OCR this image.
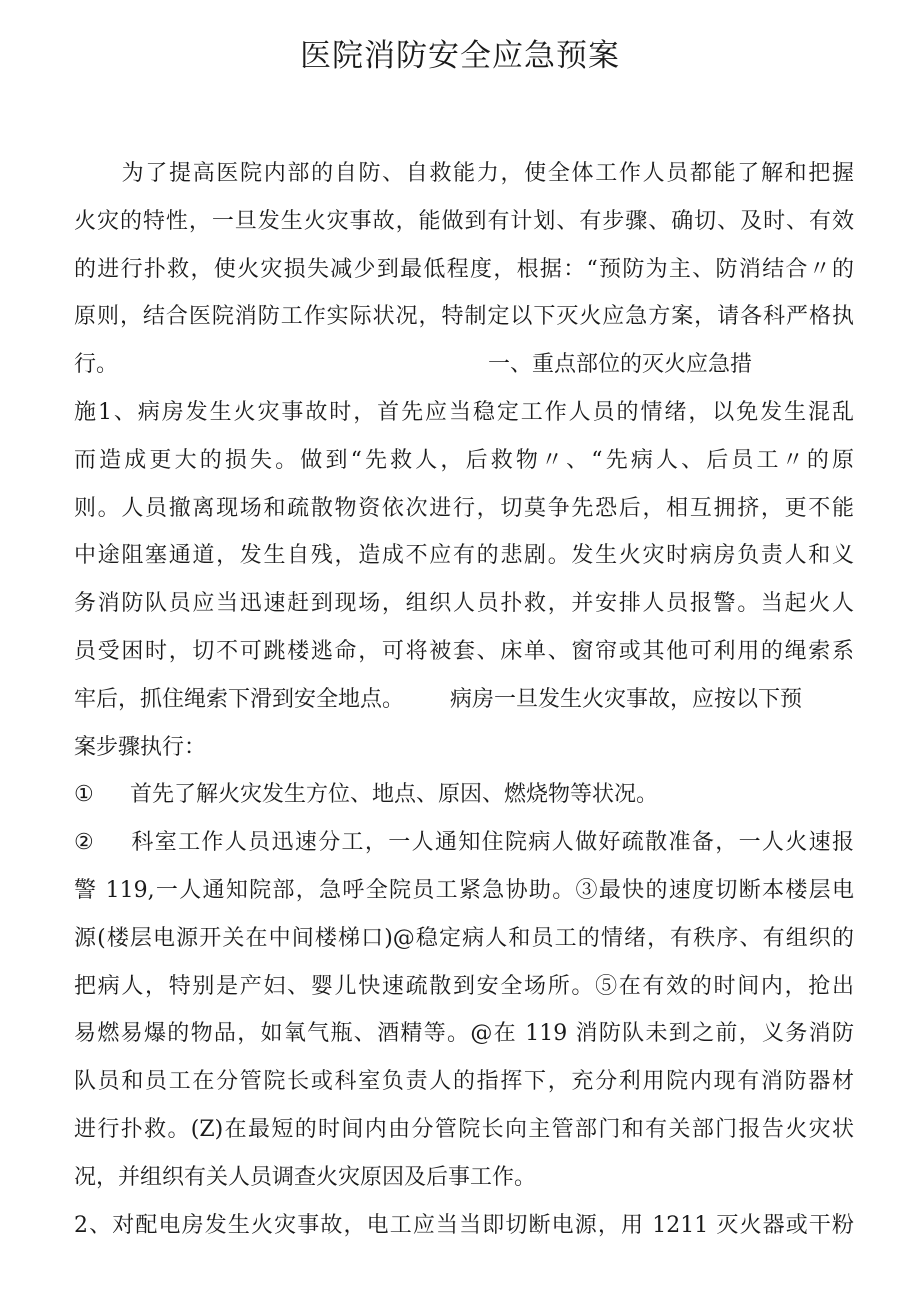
医院消防安全应急预案
为了提高医院内部的自防、自救能力，使全体工作人员都能了解和把握
火灾的特性，一旦发生火灾事故，能做到有计划、有步骤、确切、及时、有效
的进行扑救，使火灾损失减少到最低程度，根据：“预防为主、防消结合〃的
原则，结合医院消防工作实际状况，特制定以下灭火应急方案，请各科严格执
行。	一、重点部位的灭火应急措
施1、病房发生火灾事故时，首先应当稳定工作人员的情绪，以免发生混乱
而造成更大的损失。做到“先救人，后救物〃、“先病人、后员工〃的原
则。人员撤离现场和疏散物资依次进行，切莫争先恐后，相互拥挤，更不能
中途阻塞通道，发生自残，造成不应有的悲剧。发生火灾时病房负责人和义
务消防队员应当迅速赶到现场，组织人员扑救，并安排人员报警。当起火人
员受困时，切不可跳楼逃命，可将被套、床单、窗帘或其他可利用的绳索系
牢后，抓住绳索下滑到安全地点。 病房一旦发生火灾事故，应按以下预
案步骤执行：
① 首先了解火灾发生方位、地点、原因、燃烧物等状况。
② 科室工作人员迅速分工，一人通知住院病人做好疏散准备，一人火速报
警 119,一人通知院部，急呼全院员工紧急协助。③最快的速度切断本楼层电
源(楼层电源开关在中间楼梯口)@稳定病人和员工的情绪，有秩序、有组织的
把病人，特别是产妇、婴儿快速疏散到安全场所。⑤在有效的时间内，抢出
易燃易爆的物品，如氧气瓶、酒精等。@在 119 消防队未到之前，义务消防
队员和员工在分管院长或科室负责人的指挥下，充分利用院内现有消防器材
进行扑救。(Z)在最短的时间内由分管院长向主管部门和有关部门报告火灾状
况，并组织有关人员调查火灾原因及后事工作。
2、对配电房发生火灾事故，电工应当当即切断电源，用 1211 灭火器或干粉
